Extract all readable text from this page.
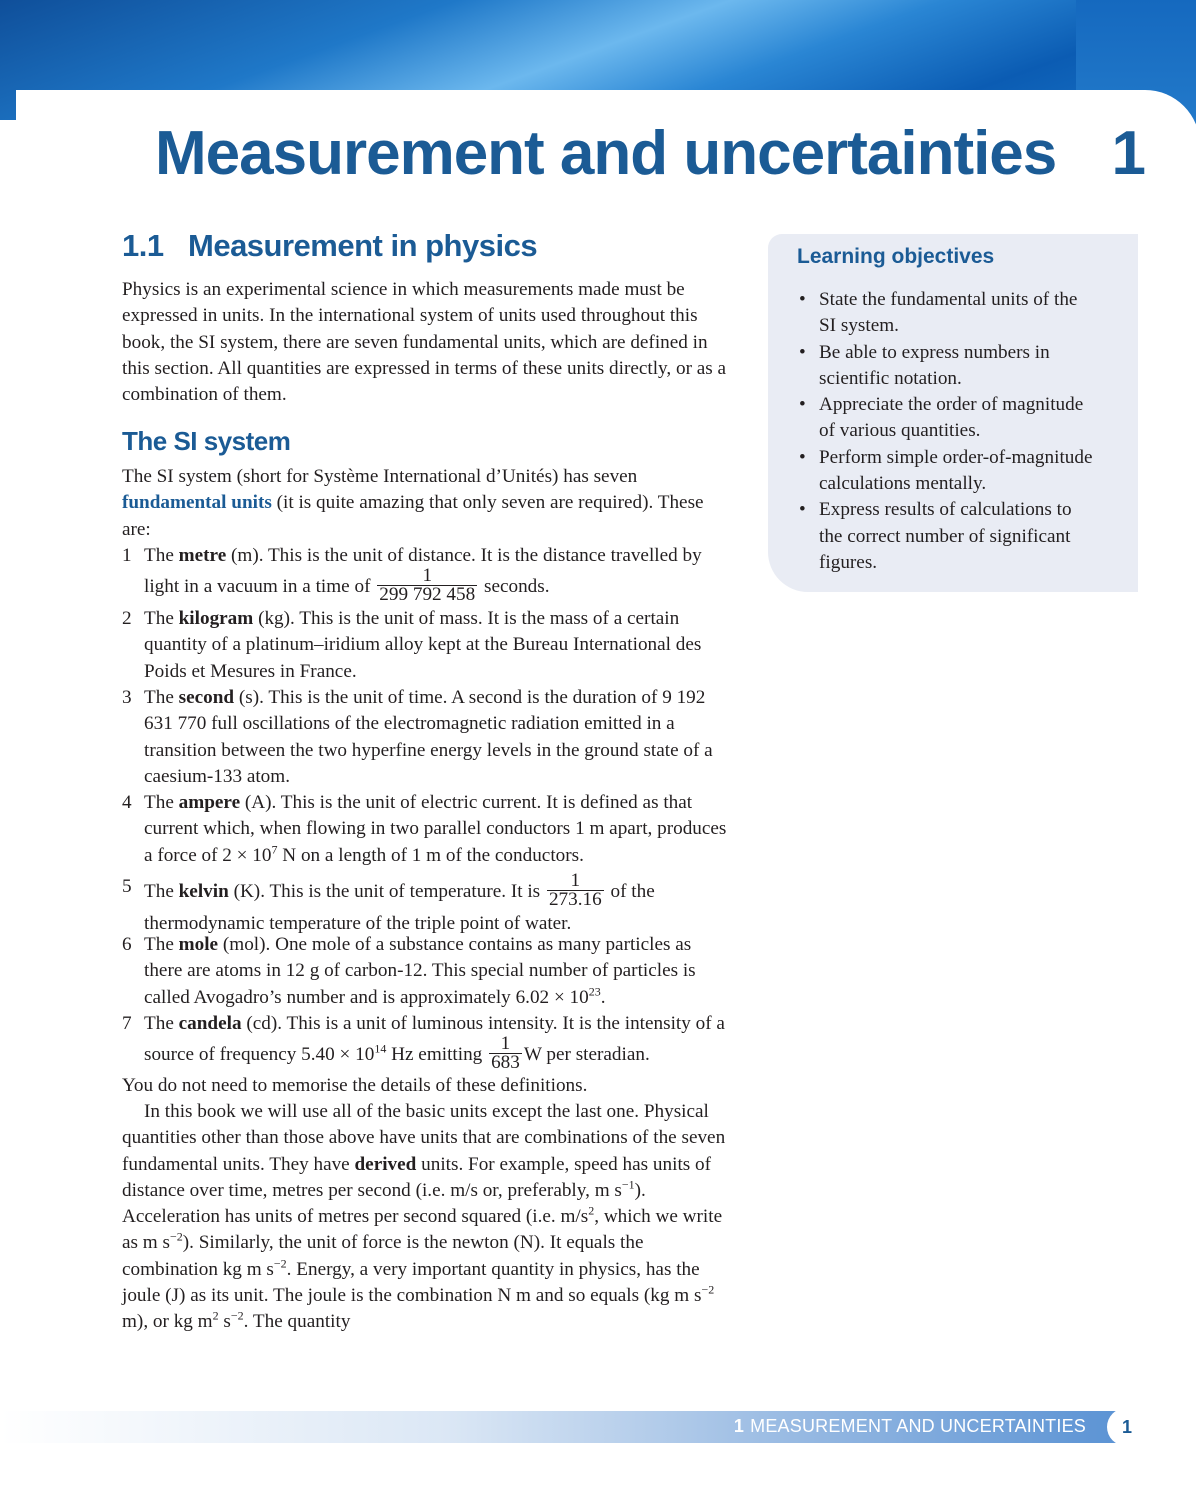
Measurement and uncertainties 1
1.1 Measurement in physics
Physics is an experimental science in which measurements made must be expressed in units. In the international system of units used throughout this book, the SI system, there are seven fundamental units, which are defined in this section. All quantities are expressed in terms of these units directly, or as a combination of them.
The SI system
The SI system (short for Système International d’Unités) has seven fundamental units (it is quite amazing that only seven are required). These are:
1 The metre (m). This is the unit of distance. It is the distance travelled by light in a vacuum in a time of $\frac{1}{299 792 458}$ seconds.
2 The kilogram (kg). This is the unit of mass. It is the mass of a certain quantity of a platinum–iridium alloy kept at the Bureau International des Poids et Mesures in France.
3 The second (s). This is the unit of time. A second is the duration of 9 192 631 770 full oscillations of the electromagnetic radiation emitted in a transition between the two hyperfine energy levels in the ground state of a caesium-133 atom.
4 The ampere (A). This is the unit of electric current. It is defined as that current which, when flowing in two parallel conductors 1 m apart, produces a force of $2 \times 10^7$ N on a length of 1 m of the conductors.
5 The kelvin (K). This is the unit of temperature. It is $\frac{1}{273.16}$ of the thermodynamic temperature of the triple point of water.
6 The mole (mol). One mole of a substance contains as many particles as there are atoms in 12 g of carbon-12. This special number of particles is called Avogadro’s number and is approximately $6.02 \times 10^{23}$.
7 The candela (cd). This is a unit of luminous intensity. It is the intensity of a source of frequency $5.40 \times 10^{14}$ Hz emitting $\frac{1}{683}$ W per steradian.
You do not need to memorise the details of these definitions.
In this book we will use all of the basic units except the last one. Physical quantities other than those above have units that are combinations of the seven fundamental units. They have derived units. For example, speed has units of distance over time, metres per second (i.e. m/s or, preferably, m $s^{-1}$). Acceleration has units of metres per second squared (i.e. $m/s^2$, which we write as m $s^{-2}$). Similarly, the unit of force is the newton (N). It equals the combination kg m $s^{-2}$. Energy, a very important quantity in physics, has the joule (J) as its unit. The joule is the combination N m and so equals (kg m $s^{-2}$ m), or kg $m^2$ $s^{-2}$. The quantity
Learning objectives
• State the fundamental units of the SI system.
• Be able to express numbers in scientific notation.
• Appreciate the order of magnitude of various quantities.
• Perform simple order-of-magnitude calculations mentally.
• Express results of calculations to the correct number of significant figures.
1 MEASUREMENT AND UNCERTAINTIES	1
